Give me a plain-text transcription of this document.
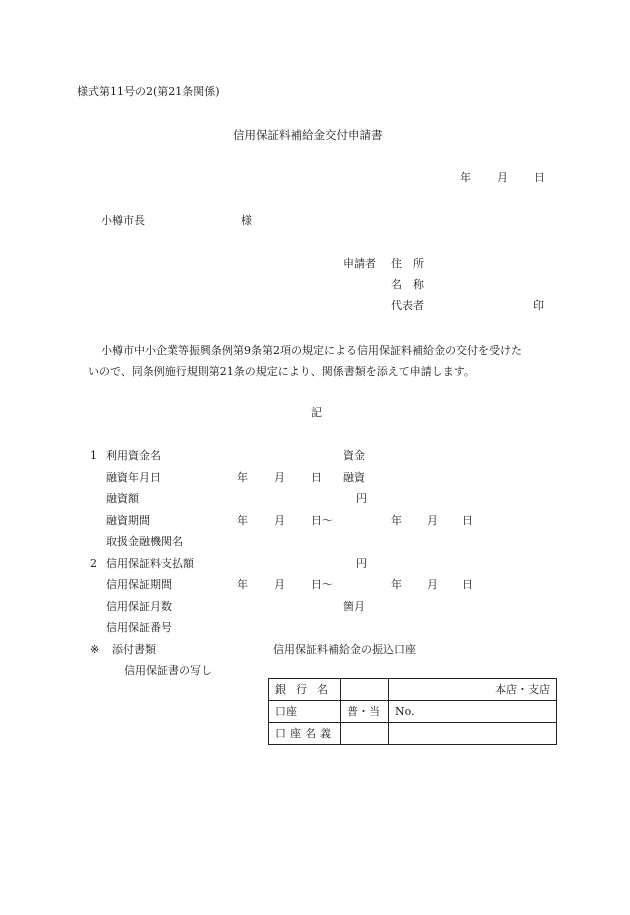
様式第11号の2(第21条関係)
信用保証料補給金交付申請書
年 月 日
小樽市長	様
申請者 住　所
名　称
代表者	印
小樽市中小企業等振興条例第9条第2項の規定による信用保証料補給金の交付を受けた
いので、同条例施行規則第21条の規定により、関係書類を添えて申請します。
記
1 利用資金名	資金
融資年月日	年 月 日 融資
融資額	円
融資期間	年 月 日〜	年 月 日
取扱金融機関名
2 信用保証料支払額	円
信用保証期間	年 月 日〜	年 月 日
信用保証月数	箇月
信用保証番号
※ 添付書類	信用保証料補給金の振込口座
信用保証書の写し
銀行名		本店・支店
口座	普・当	No.
口座名義		
